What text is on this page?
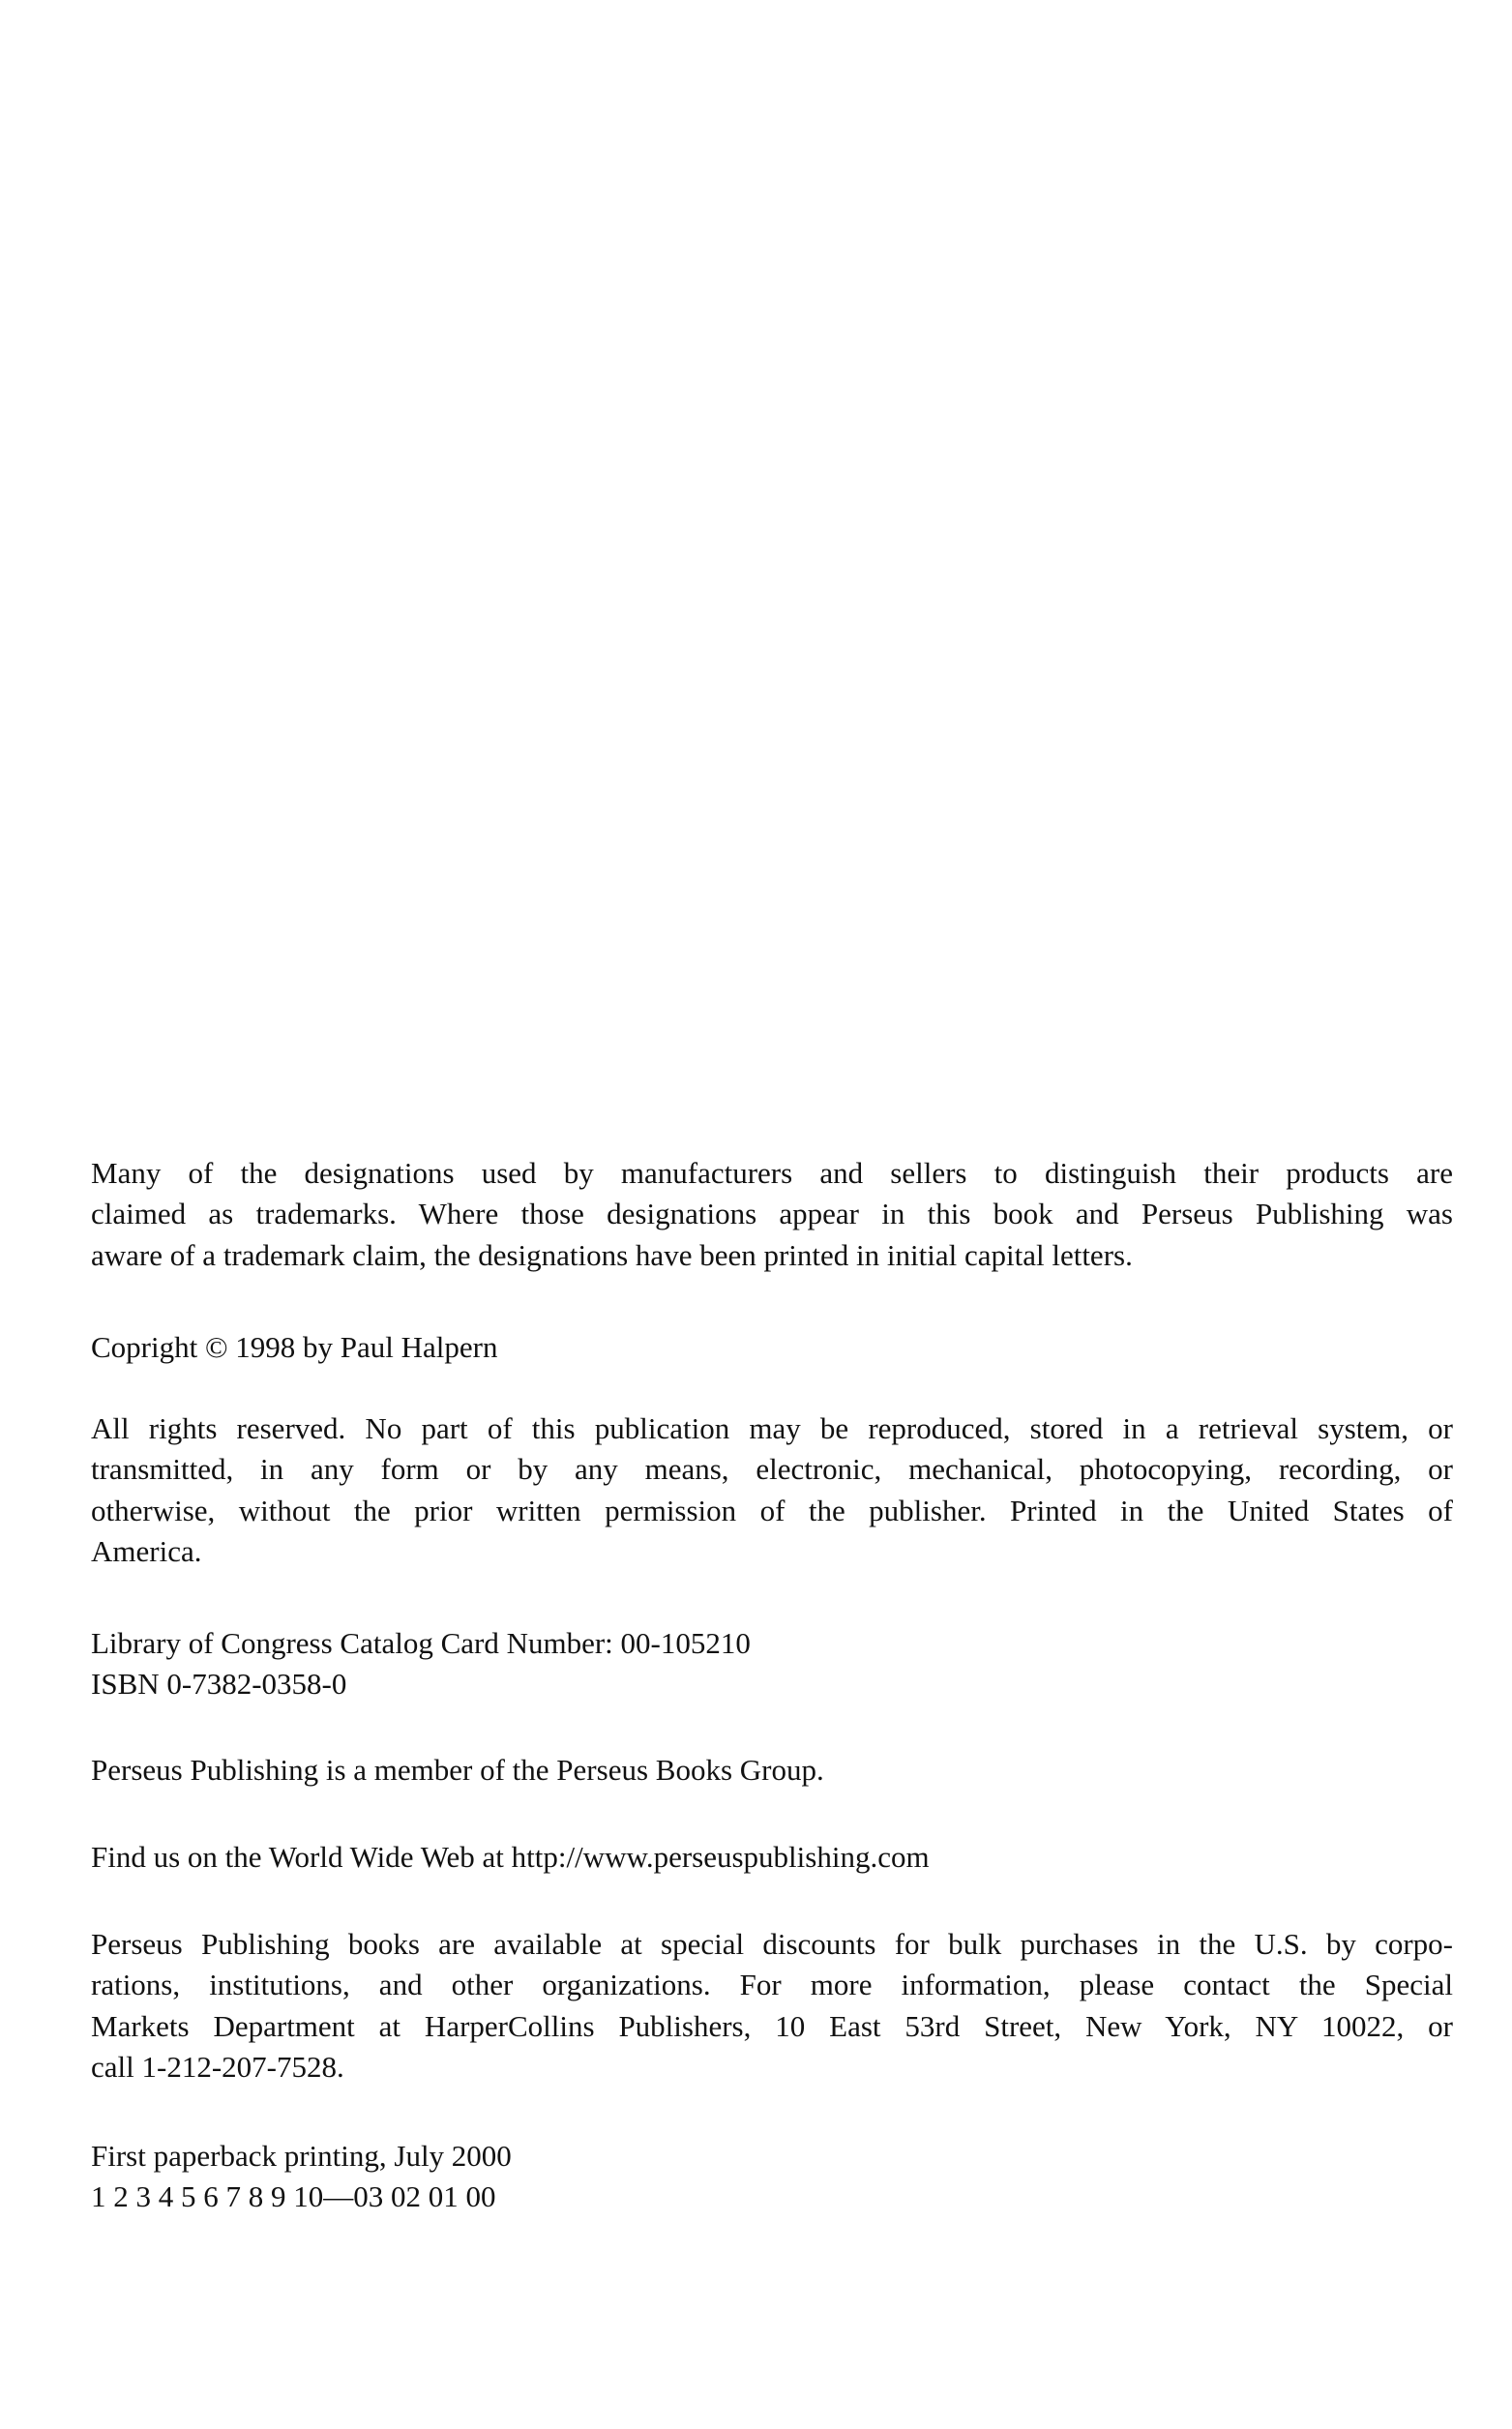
Many of the designations used by manufacturers and sellers to distinguish their products are
claimed as trademarks. Where those designations appear in this book and Perseus Publishing was
aware of a trademark claim, the designations have been printed in initial capital letters.
Copright © 1998 by Paul Halpern
All rights reserved. No part of this publication may be reproduced, stored in a retrieval system, or
transmitted, in any form or by any means, electronic, mechanical, photocopying, recording, or
otherwise, without the prior written permission of the publisher. Printed in the United States of
America.
Library of Congress Catalog Card Number: 00-105210
ISBN 0-7382-0358-0
Perseus Publishing is a member of the Perseus Books Group.
Find us on the World Wide Web at http://www.perseuspublishing.com
Perseus Publishing books are available at special discounts for bulk purchases in the U.S. by corpo-
rations, institutions, and other organizations. For more information, please contact the Special
Markets Department at HarperCollins Publishers, 10 East 53rd Street, New York, NY 10022, or
call 1-212-207-7528.
First paperback printing, July 2000
1 2 3 4 5 6 7 8 9 10—03 02 01 00
